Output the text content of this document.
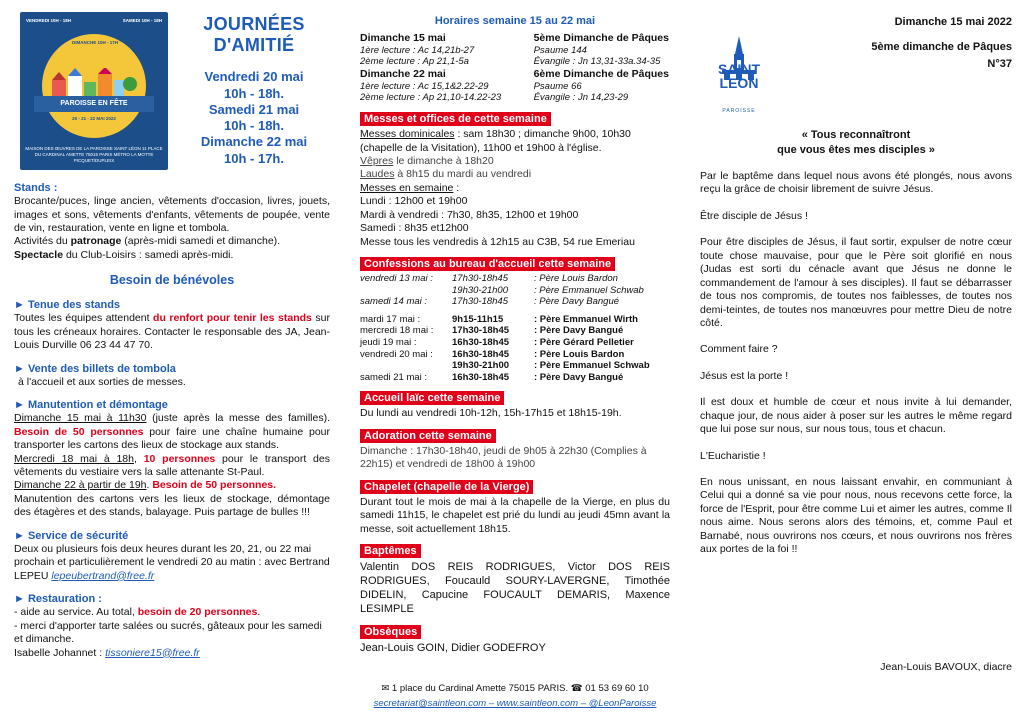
VENDREDI 10H - 18H	SAMEDI 10H - 18H
DIMANCHE 10H - 17H
PAROISSE EN FÊTE
20 - 21 - 22 MAI 2022
MAISON DES ŒUVRES DE LA PAROISSE SAINT LÉON 11 PLACE DU CARDINAL AMETTE 75015 PARIS MÉTRO LA MOTTE PICQUET/DUPLEIX
JOURNÉES
D'AMITIÉ
Vendredi 20 mai
10h - 18h.
Samedi 21 mai
10h - 18h.
Dimanche 22 mai
10h - 17h.
Stands :
Brocante/puces, linge ancien, vêtements d'occasion, livres, jouets, images et sons, vêtements d'enfants, vêtements de poupée, vente de vin, restauration, vente en ligne et tombola.
Activités du patronage (après-midi samedi et dimanche).
Spectacle du Club-Loisirs : samedi après-midi.
Besoin de bénévoles
► Tenue des stands
Toutes les équipes attendent du renfort pour tenir les stands sur tous les créneaux horaires. Contacter le responsable des JA, Jean-Louis Durville 06 23 44 47 70.
► Vente des billets de tombola
à l'accueil et aux sorties de messes.
► Manutention et démontage
Dimanche 15 mai à 11h30 (juste après la messe des familles). Besoin de 50 personnes pour faire une chaîne humaine pour transporter les cartons des lieux de stockage aux stands.
Mercredi 18 mai à 18h, 10 personnes pour le transport des vêtements du vestiaire vers la salle attenante St-Paul.
Dimanche 22 à partir de 19h. Besoin de 50 personnes.
Manutention des cartons vers les lieux de stockage, démontage des étagères et des stands, balayage. Puis partage de bulles !!!
► Service de sécurité
Deux ou plusieurs fois deux heures durant les 20, 21, ou 22 mai prochain et particulièrement le vendredi 20 au matin : avec Bertrand LEPEU lepeubertrand@free.fr
► Restauration :
- aide au service. Au total, besoin de 20 personnes.
- merci d'apporter tarte salées ou sucrés, gâteaux pour les samedi et dimanche.
Isabelle Johannet : tissoniere15@free.fr
Horaires semaine 15 au 22 mai
Dimanche 15 mai	5ème Dimanche de Pâques
1ère lecture : Ac 14,21b-27	Psaume 144
2ème lecture : Ap 21,1-5a	Évangile : Jn 13,31-33a.34-35
Dimanche 22 mai	6ème Dimanche de Pâques
1ère lecture : Ac 15,1&2.22-29	Psaume 66
2ème lecture : Ap 21,10-14.22-23	Évangile : Jn 14,23-29
Messes et offices de cette semaine
Messes dominicales : sam 18h30 ; dimanche 9h00, 10h30 (chapelle de la Visitation), 11h00 et 19h00 à l'église.
Vêpres le dimanche à 18h20
Laudes à 8h15 du mardi au vendredi
Messes en semaine :
Lundi : 12h00 et 19h00
Mardi à vendredi : 7h30, 8h35, 12h00 et 19h00
Samedi : 8h35 et12h00
Messe tous les vendredis à 12h15 au C3B, 54 rue Emeriau
Confessions au bureau d'accueil cette semaine
vendredi 13 mai :	17h30-18h45	: Père Louis Bardon
	19h30-21h00	: Père Emmanuel Schwab
samedi 14 mai :	17h30-18h45	: Père Davy Bangué
mardi 17 mai :	9h15-11h15	: Père Emmanuel Wirth
mercredi 18 mai :	17h30-18h45	: Père Davy Bangué
jeudi 19 mai :	16h30-18h45	: Père Gérard Pelletier
vendredi 20 mai :	16h30-18h45	: Père Louis Bardon
	19h30-21h00	: Père Emmanuel Schwab
samedi 21 mai :	16h30-18h45	: Père Davy Bangué
Accueil laïc cette semaine
Du lundi au vendredi 10h-12h, 15h-17h15 et 18h15-19h.
Adoration cette semaine
Dimanche : 17h30-18h40, jeudi de 9h05 à 22h30 (Complies à 22h15) et vendredi de 18h00 à 19h00
Chapelet (chapelle de la Vierge)
Durant tout le mois de mai à la chapelle de la Vierge, en plus du samedi 11h15, le chapelet est prié du lundi au jeudi 45mn avant la messe, soit actuellement 18h15.
Baptêmes
Valentin DOS REIS RODRIGUES, Victor DOS REIS RODRIGUES, Foucauld SOURY-LAVERGNE, Timothée DIDELIN, Capucine FOUCAULT DEMARIS, Maxence LESIMPLE
Obsèques
Jean-Louis GOIN, Didier GODEFROY
✉ 1 place du Cardinal Amette 75015 PARIS. ☎ 01 53 69 60 10
secretariat@saintleon.com – www.saintleon.com – @LeonParoisse
SAINT
LEON
PAROISSE
Dimanche 15 mai 2022
5ème dimanche de Pâques
N°37
« Tous reconnaîtront
que vous êtes mes disciples »

Par le baptême dans lequel nous avons été plongés, nous avons reçu la grâce de choisir librement de suivre Jésus.

Être disciple de Jésus !

Pour être disciples de Jésus, il faut sortir, expulser de notre cœur toute chose mauvaise, pour que le Père soit glorifié en nous (Judas est sorti du cénacle avant que Jésus ne donne le commandement de l'amour à ses disciples). Il faut se débarrasser de tous nos compromis, de toutes nos faiblesses, de toutes nos demi-teintes, de toutes nos manœuvres pour mettre Dieu de notre côté.

Comment faire ?

Jésus est la porte !

Il est doux et humble de cœur et nous invite à lui demander, chaque jour, de nous aider à poser sur les autres le même regard que lui pose sur nous, sur nous tous, tous et chacun.

L'Eucharistie !

En nous unissant, en nous laissant envahir, en communiant à Celui qui a donné sa vie pour nous, nous recevons cette force, la force de l'Esprit, pour être comme Lui et aimer les autres, comme Il nous aime. Nous serons alors des témoins, et, comme Paul et Barnabé, nous ouvrirons nos cœurs, et nous ouvrirons nos frères aux portes de la foi !!

Jean-Louis BAVOUX, diacre
